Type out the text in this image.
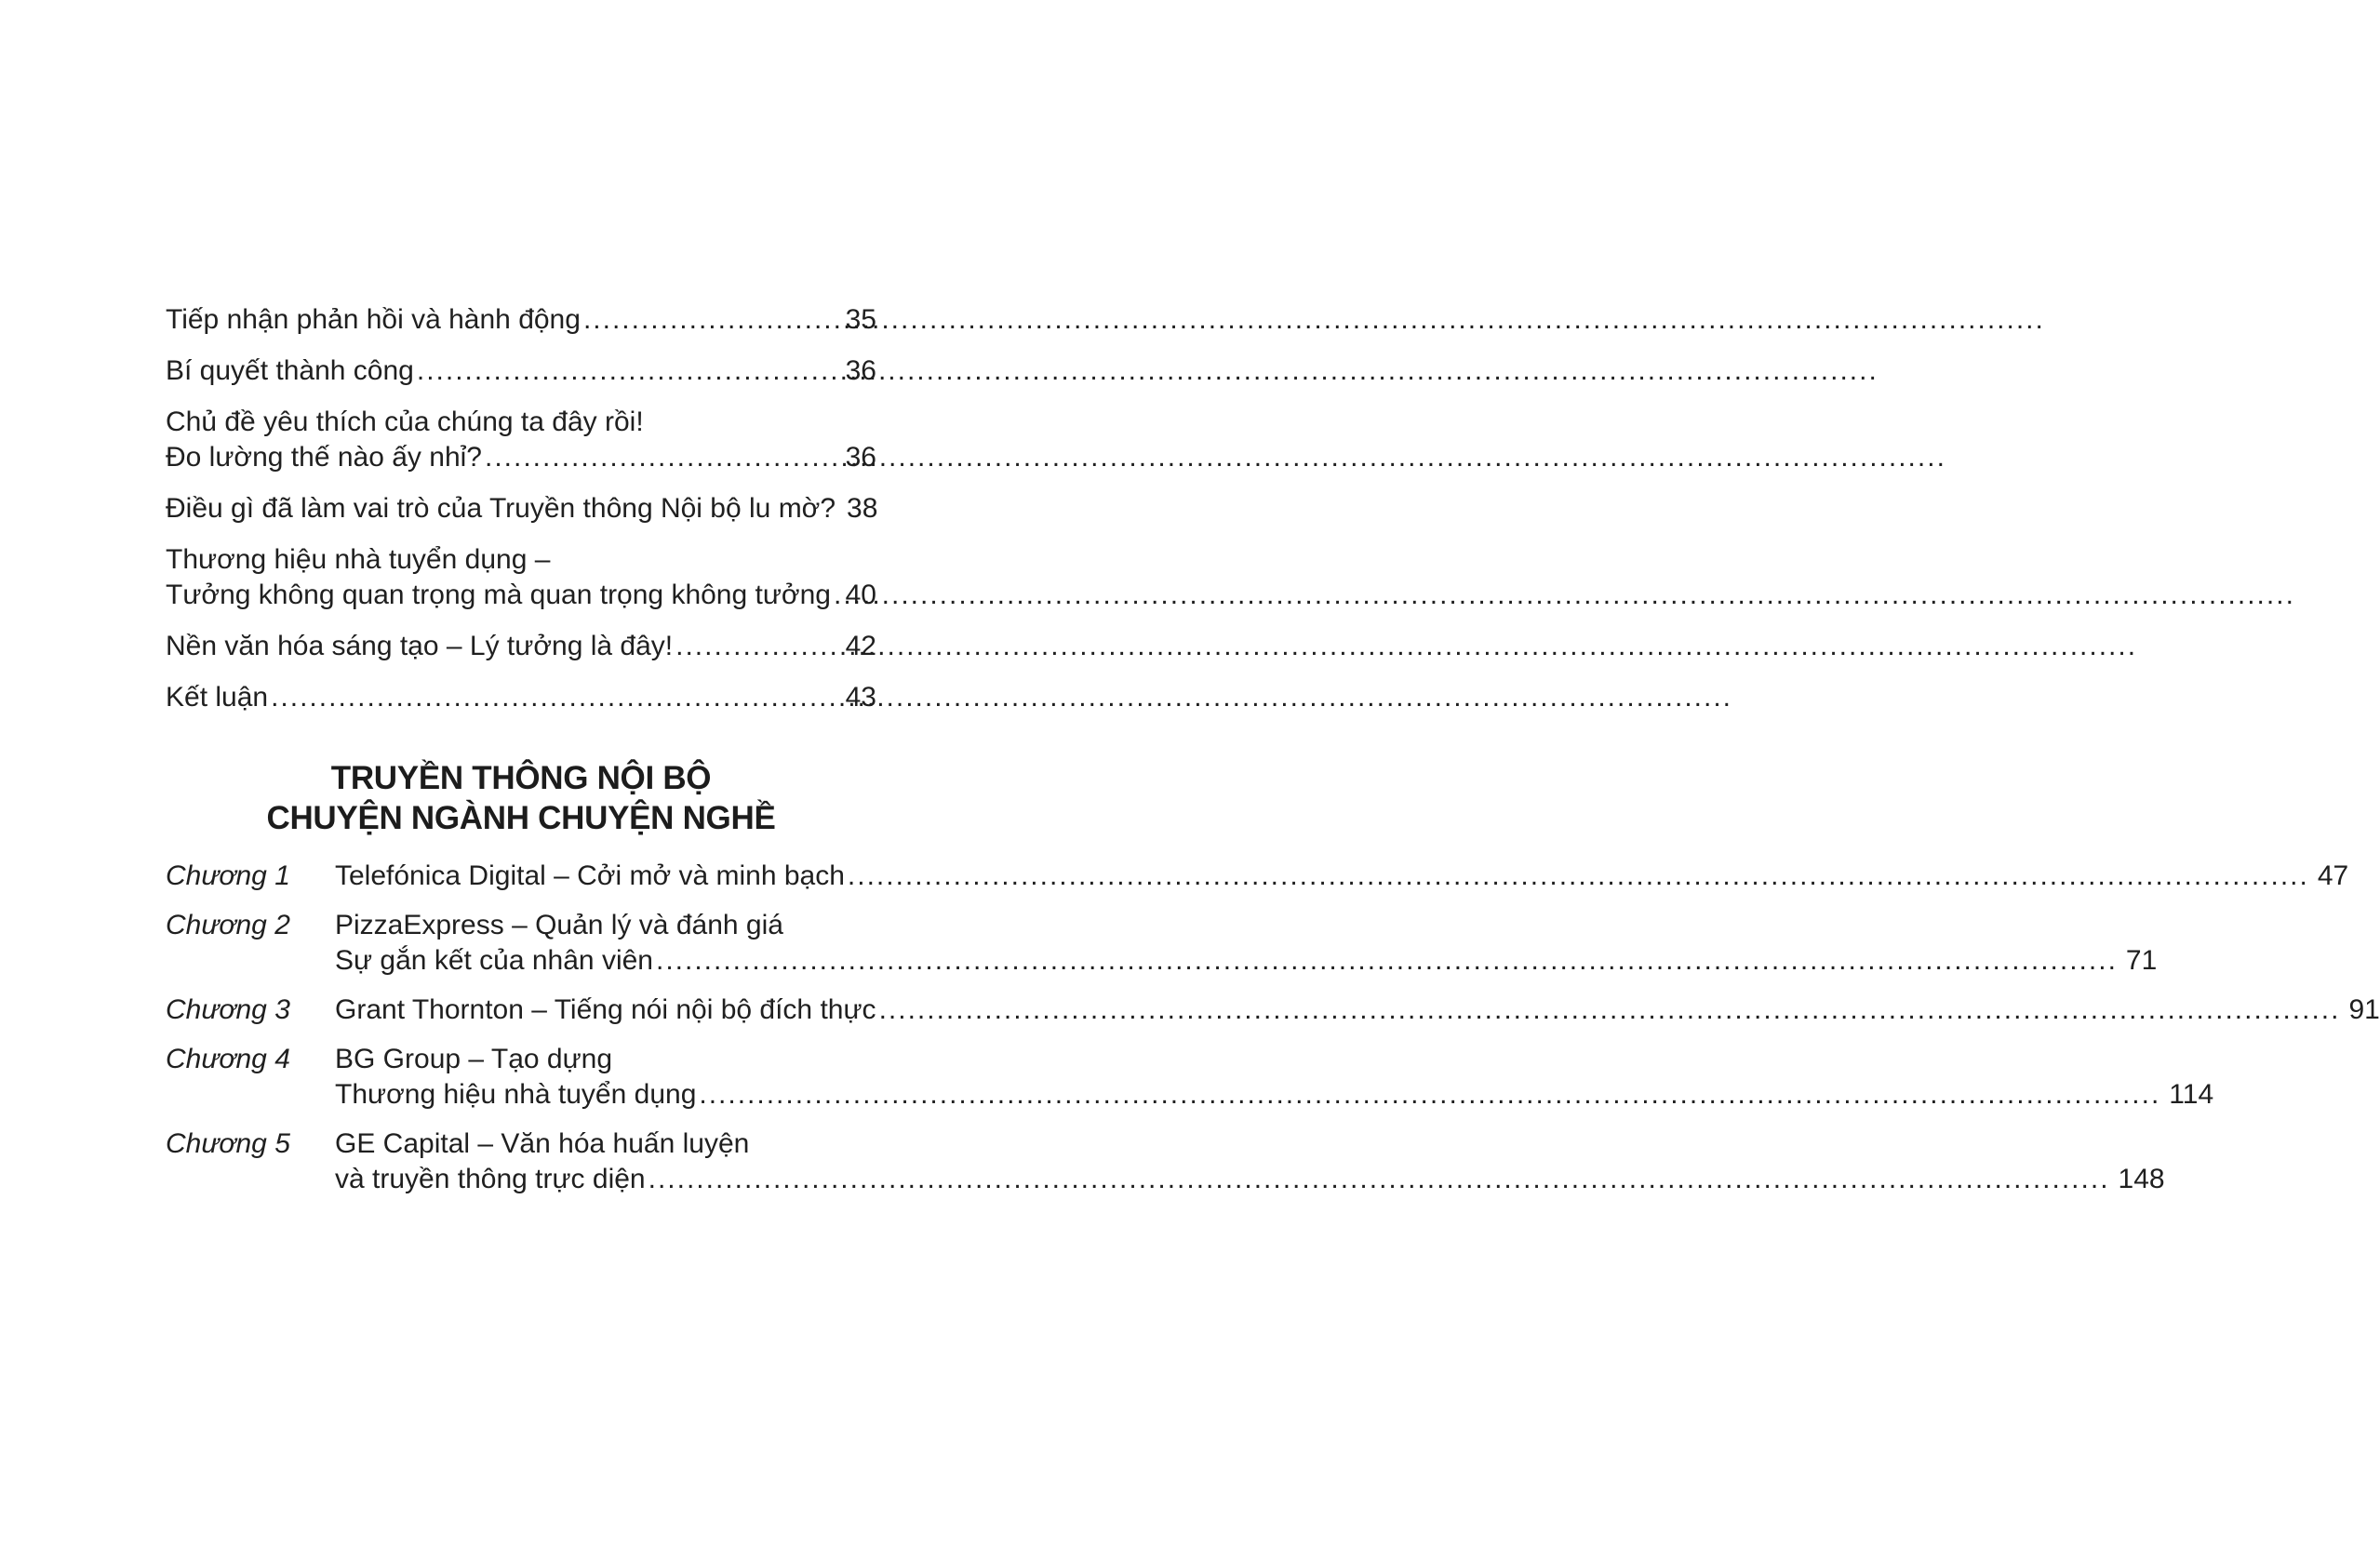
Tiếp nhận phản hồi và hành động .....	35
Bí quyết thành công .....	36
Chủ đề yêu thích của chúng ta đây rồi!
Đo lường thế nào ấy nhỉ? .....	36
Điều gì đã làm vai trò của Truyền thông Nội bộ lu mờ? 38
Thương hiệu nhà tuyển dụng –
Tưởng không quan trọng mà quan trọng không tưởng ..... 40
Nền văn hóa sáng tạo – Lý tưởng là đây! .....	42
Kết luận .....	43
TRUYỀN THÔNG NỘI BỘ
CHUYỆN NGÀNH CHUYỆN NGHỀ
Chương 1	Telefónica Digital – Cởi mở và minh bạch .....	47
Chương 2	PizzaExpress – Quản lý và đánh giá
Sự gắn kết của nhân viên .....	71
Chương 3	Grant Thornton – Tiếng nói nội bộ đích thực .....	91
Chương 4	BG Group – Tạo dựng
Thương hiệu nhà tuyển dụng .....	114
Chương 5	GE Capital – Văn hóa huấn luyện
và truyền thông trực diện .....	148
